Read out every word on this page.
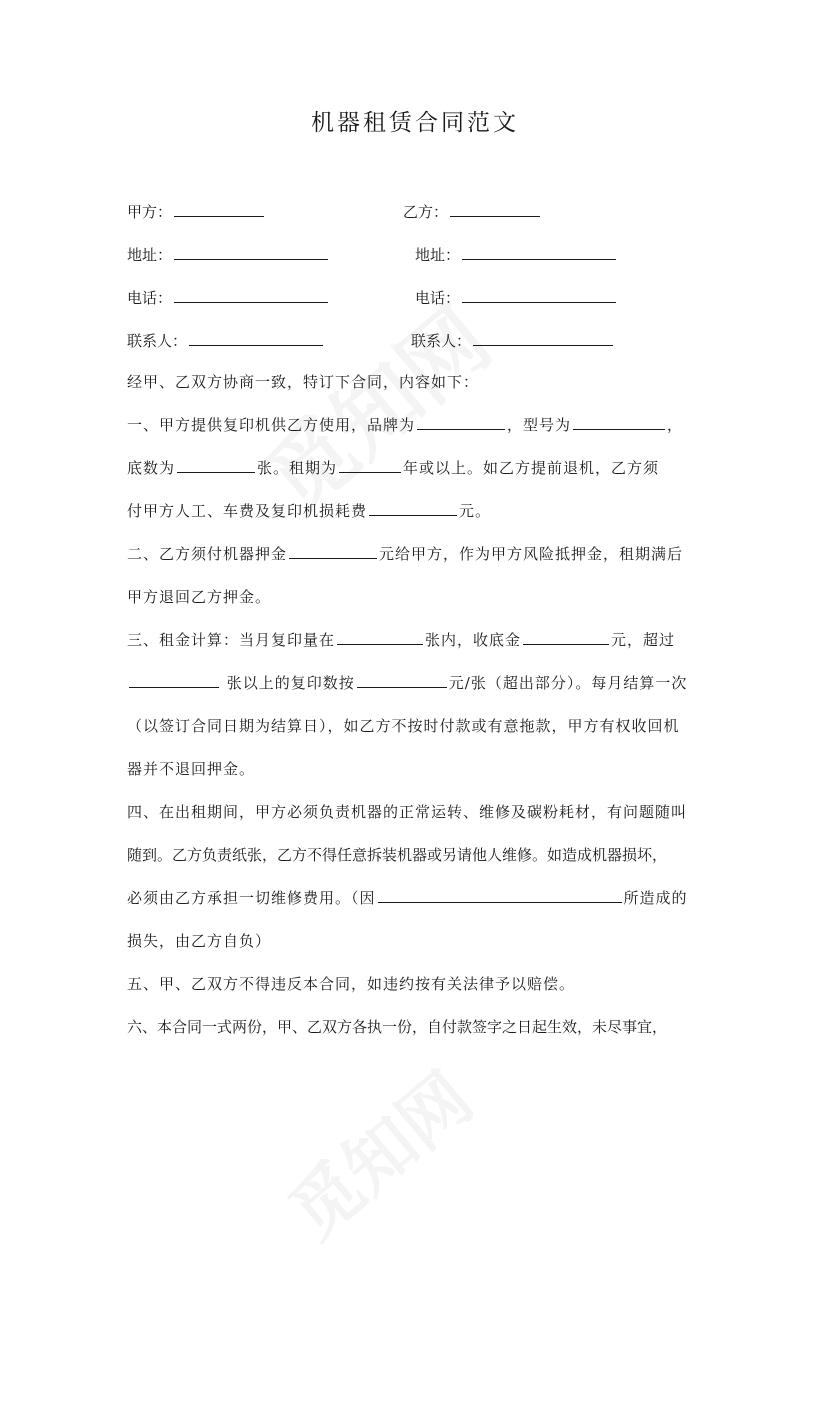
机器租赁合同范文
甲方：	乙方：
地址：	地址：
电话：	电话：
联系人：	联系人：
经甲、乙双方协商一致，特订下合同，内容如下：
一、甲方提供复印机供乙方使用，品牌为	，型号为	，
底数为	张。租期为	年或以上。如乙方提前退机，乙方须
付甲方人工、车费及复印机损耗费	元。
二、乙方须付机器押金	元给甲方，作为甲方风险抵押金，租期满后
甲方退回乙方押金。
三、租金计算：当月复印量在	张内，收底金	元，超过
张以上的复印数按	元/张（超出部分）。每月结算一次
（以签订合同日期为结算日），如乙方不按时付款或有意拖款，甲方有权收回机
器并不退回押金。
四、在出租期间，甲方必须负责机器的正常运转、维修及碳粉耗材，有问题随叫
随到。乙方负责纸张，乙方不得任意拆装机器或另请他人维修。如造成机器损坏，
必须由乙方承担一切维修费用。（因	所造成的
损失，由乙方自负）
五、甲、乙双方不得违反本合同，如违约按有关法律予以赔偿。
六、本合同一式两份，甲、乙双方各执一份，自付款签字之日起生效，未尽事宜，
